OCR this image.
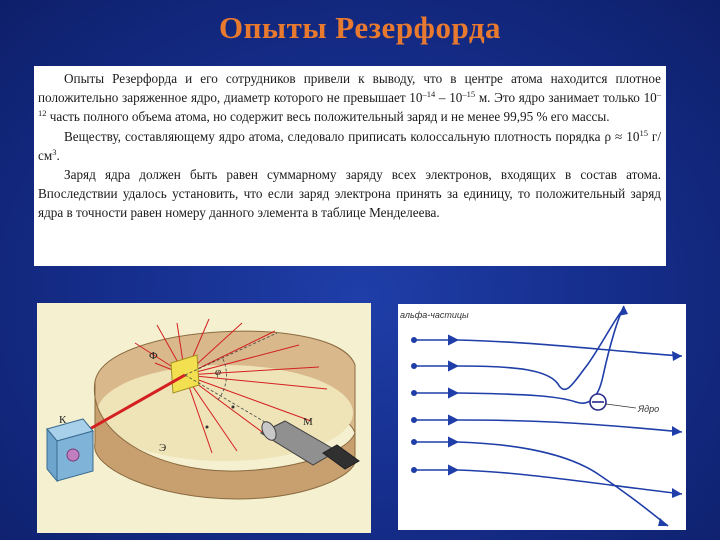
Опыты Резерфорда

Опыты Резерфорда и его сотрудников привели к выводу, что в центре атома находится плотное положительно заряженное ядро, диаметр которого не превышает $10^{-14} - 10^{-15}$ м. Это ядро занимает только $10^{-12}$ часть полного объема атома, но содержит весь положительный заряд и не менее 99,95 % его массы.

Веществу, составляющему ядро атома, следовало приписать колоссальную плотность порядка $\rho \approx 10^{15}$ $г/см^3$.

Заряд ядра должен быть равен суммарному заряду всех электронов, входящих в состав атома. Впоследствии удалось установить, что если заряд электрона принять за единицу, то положительный заряд ядра в точности равен номеру данного элемента в таблице Менделеева.

Ф
φ
К
Э
М
альфа-частицы
Ядро
